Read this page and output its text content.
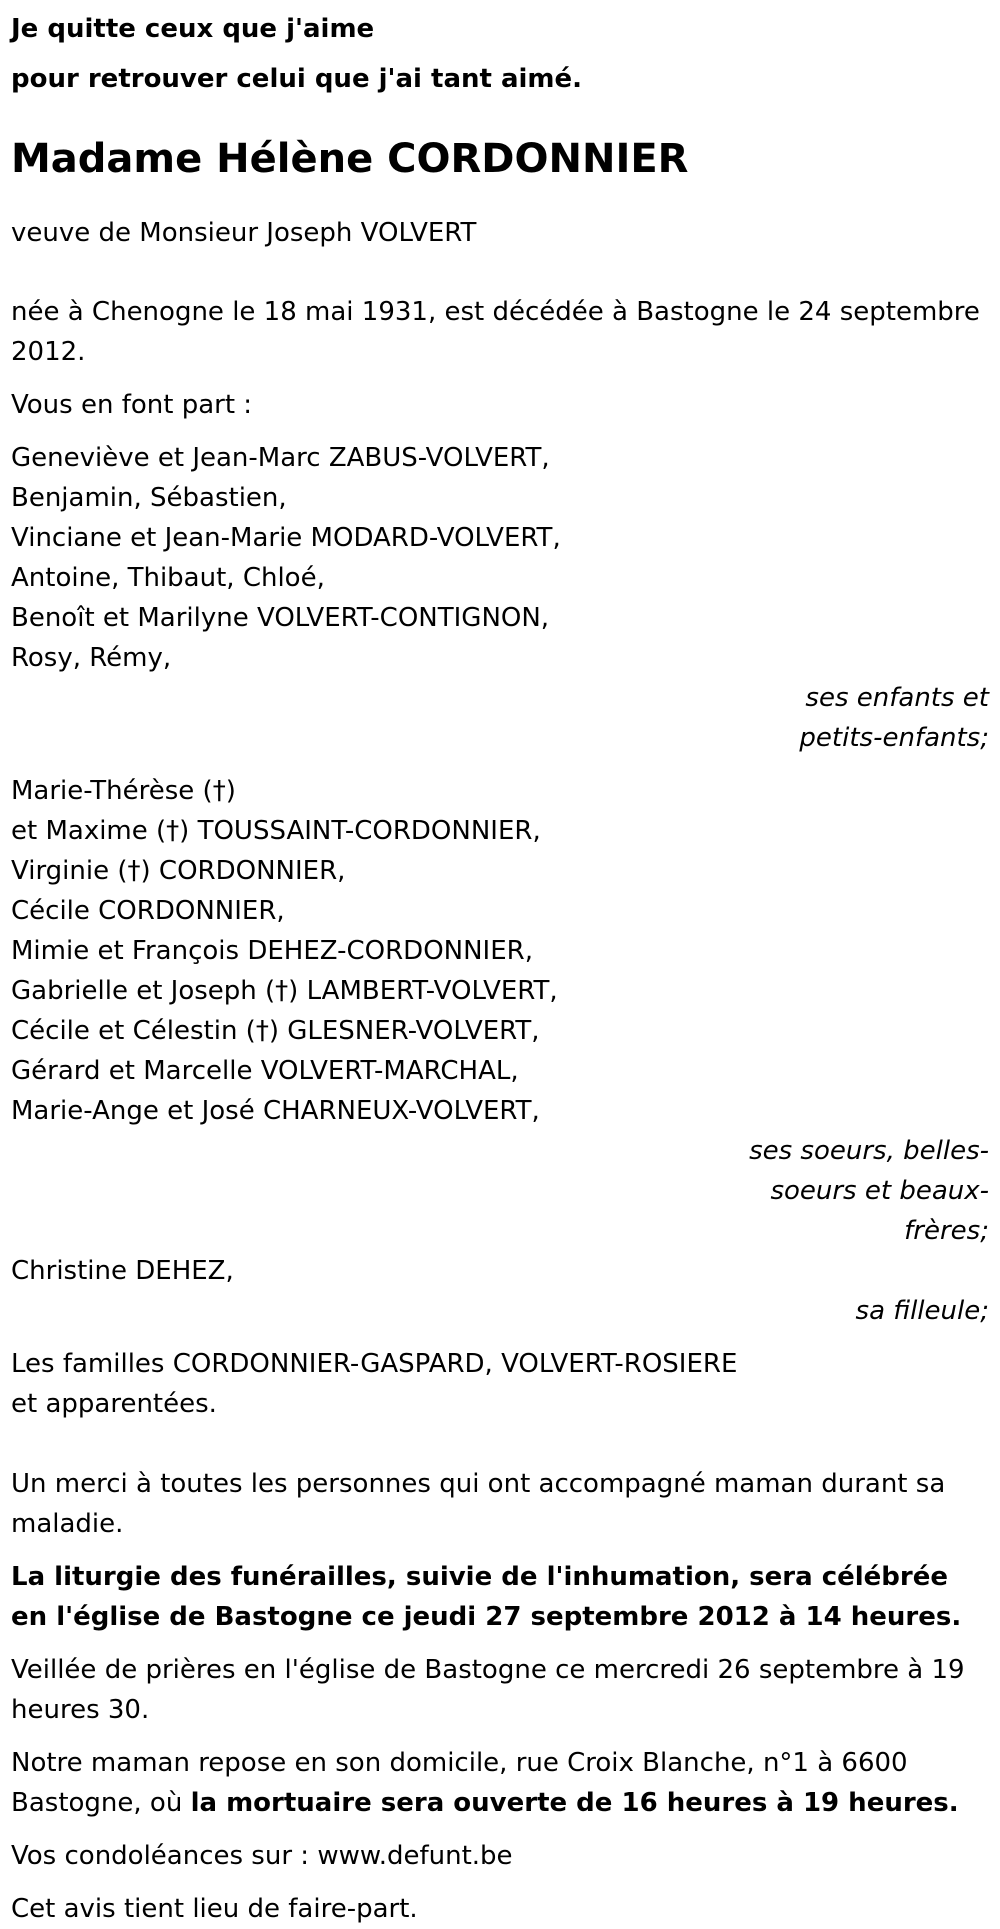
Je quitte ceux que j'aime

pour retrouver celui que j'ai tant aimé.

Madame Hélène CORDONNIER

veuve de Monsieur Joseph VOLVERT

née à Chenogne le 18 mai 1931, est décédée à Bastogne le 24 septembre 2012.

Vous en font part :

Geneviève et Jean-Marc ZABUS-VOLVERT,
Benjamin, Sébastien,
Vinciane et Jean-Marie MODARD-VOLVERT,
Antoine, Thibaut, Chloé,
Benoît et Marilyne VOLVERT-CONTIGNON,
Rosy, Rémy,
ses enfants et
petits-enfants;
Marie-Thérèse (†)
et Maxime (†) TOUSSAINT-CORDONNIER,
Virginie (†) CORDONNIER,
Cécile CORDONNIER,
Mimie et François DEHEZ-CORDONNIER,
Gabrielle et Joseph (†) LAMBERT-VOLVERT,
Cécile et Célestin (†) GLESNER-VOLVERT,
Gérard et Marcelle VOLVERT-MARCHAL,
Marie-Ange et José CHARNEUX-VOLVERT,
ses soeurs, belles-
soeurs et beaux-
frères;
Christine DEHEZ,
sa filleule;
Les familles CORDONNIER-GASPARD, VOLVERT-ROSIERE
et apparentées.

Un merci à toutes les personnes qui ont accompagné maman durant sa maladie.

La liturgie des funérailles, suivie de l'inhumation, sera célébrée en l'église de Bastogne ce jeudi 27 septembre 2012 à 14 heures.

Veillée de prières en l'église de Bastogne ce mercredi 26 septembre à 19 heures 30.

Notre maman repose en son domicile, rue Croix Blanche, n°1 à 6600 Bastogne, où la mortuaire sera ouverte de 16 heures à 19 heures.

Vos condoléances sur : www.defunt.be

Cet avis tient lieu de faire-part.
